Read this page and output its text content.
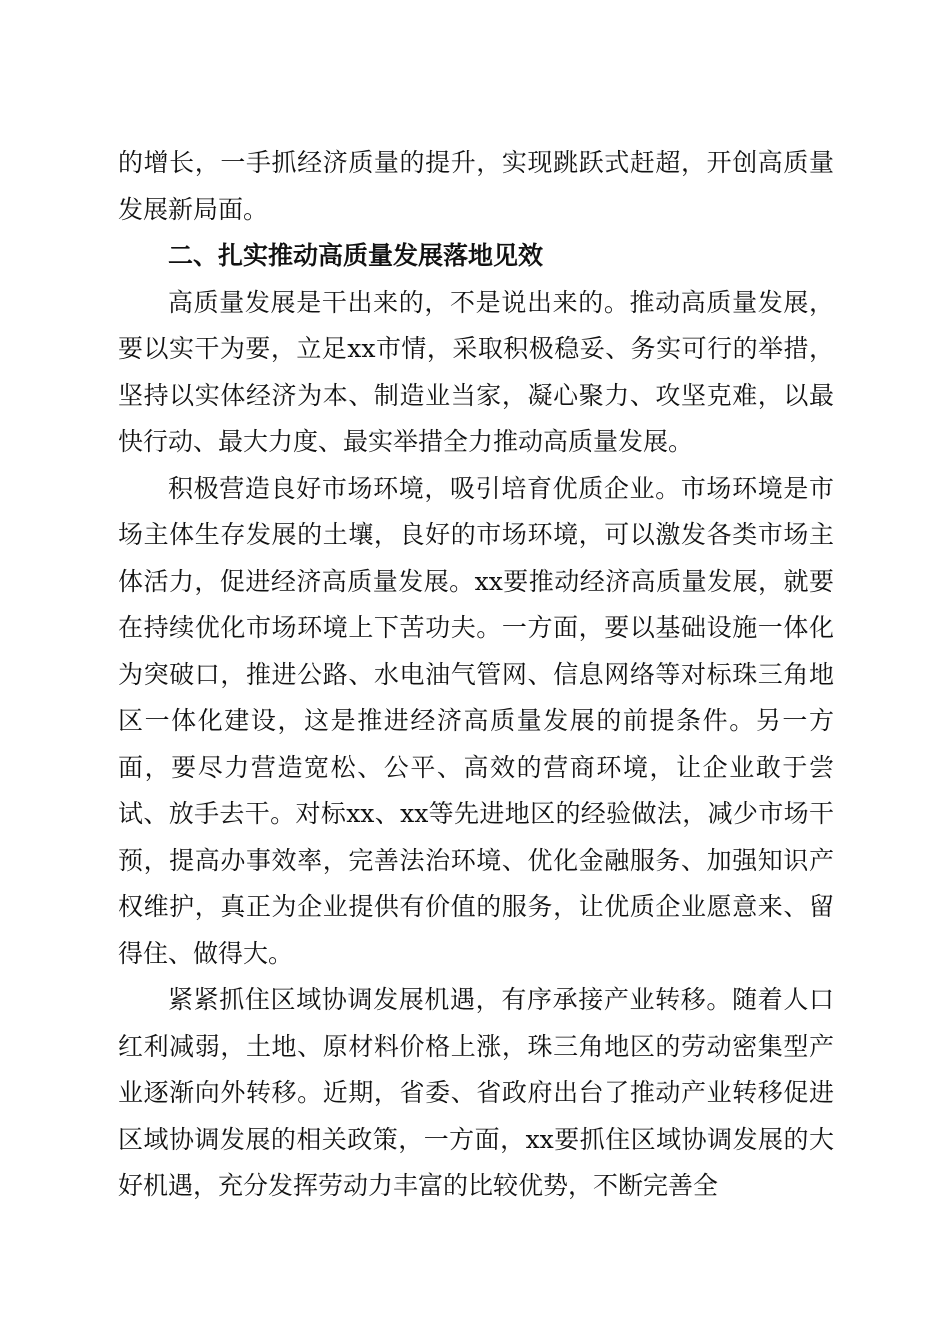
的增长，一手抓经济质量的提升，实现跳跃式赶超，开创高质量发展新局面。

二、扎实推动高质量发展落地见效

高质量发展是干出来的，不是说出来的。推动高质量发展，要以实干为要，立足xx市情，采取积极稳妥、务实可行的举措，坚持以实体经济为本、制造业当家，凝心聚力、攻坚克难，以最快行动、最大力度、最实举措全力推动高质量发展。

积极营造良好市场环境，吸引培育优质企业。市场环境是市场主体生存发展的土壤，良好的市场环境，可以激发各类市场主体活力，促进经济高质量发展。xx要推动经济高质量发展，就要在持续优化市场环境上下苦功夫。一方面，要以基础设施一体化为突破口，推进公路、水电油气管网、信息网络等对标珠三角地区一体化建设，这是推进经济高质量发展的前提条件。另一方面，要尽力营造宽松、公平、高效的营商环境，让企业敢于尝试、放手去干。对标xx、xx等先进地区的经验做法，减少市场干预，提高办事效率，完善法治环境、优化金融服务、加强知识产权维护，真正为企业提供有价值的服务，让优质企业愿意来、留得住、做得大。

紧紧抓住区域协调发展机遇，有序承接产业转移。随着人口红利减弱，土地、原材料价格上涨，珠三角地区的劳动密集型产业逐渐向外转移。近期，省委、省政府出台了推动产业转移促进区域协调发展的相关政策，一方面，xx要抓住区域协调发展的大好机遇，充分发挥劳动力丰富的比较优势，不断完善全
